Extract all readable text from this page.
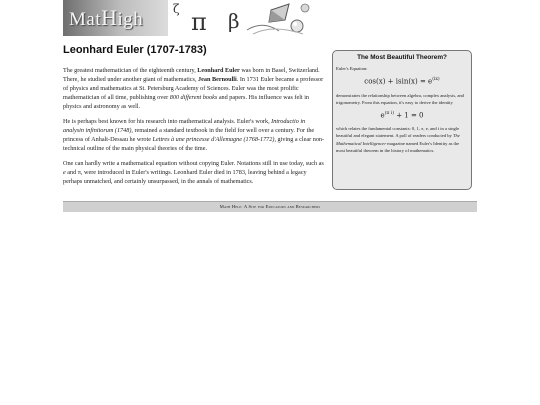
MatHigh ζ π β
Leonhard Euler (1707-1783)

The greatest mathematician of the eighteenth century, Leonhard Euler was born in Basel, Switzerland. There, he studied under another giant of mathematics, Jean Bernoulli. In 1731 Euler became a professor of physics and mathematics at St. Petersburg Academy of Sciences. Euler was the most prolific mathematician of all time, publishing over 800 different books and papers. His influence was felt in physics and astronomy as well.

He is perhaps best known for his research into mathematical analysis. Euler's work, Introductio in analysin infinitorum (1748), remained a standard textbook in the field for well over a century. For the princess of Anhalt-Dessau he wrote Lettres à une princesse d'Allemagne (1768-1772), giving a clear non-technical outline of the main physical theories of the time.

One can hardly write a mathematical equation without copying Euler. Notations still in use today, such as e and π, were introduced in Euler's writings. Leonhard Euler died in 1783, leaving behind a legacy perhaps unmatched, and certainly unsurpassed, in the annals of mathematics.

The Most Beautiful Theorem?

Euler's Equation:

$\cos(x) + isin(x) = e^{(ix)}$

demonstrates the relationship between algebra, complex analysis, and trigonometry. From this equation, it's easy to derive the identity

$e^{(\pi i)} + 1 = 0$

which relates the fundamental constants: 0, 1, π, e, and i in a single beautiful and elegant statement. A poll of readers conducted by The Mathematical Intelligencer magazine named Euler's Identity as the most beautiful theorem in the history of mathematics.

Math Help: A Site for Educators and Researchers
